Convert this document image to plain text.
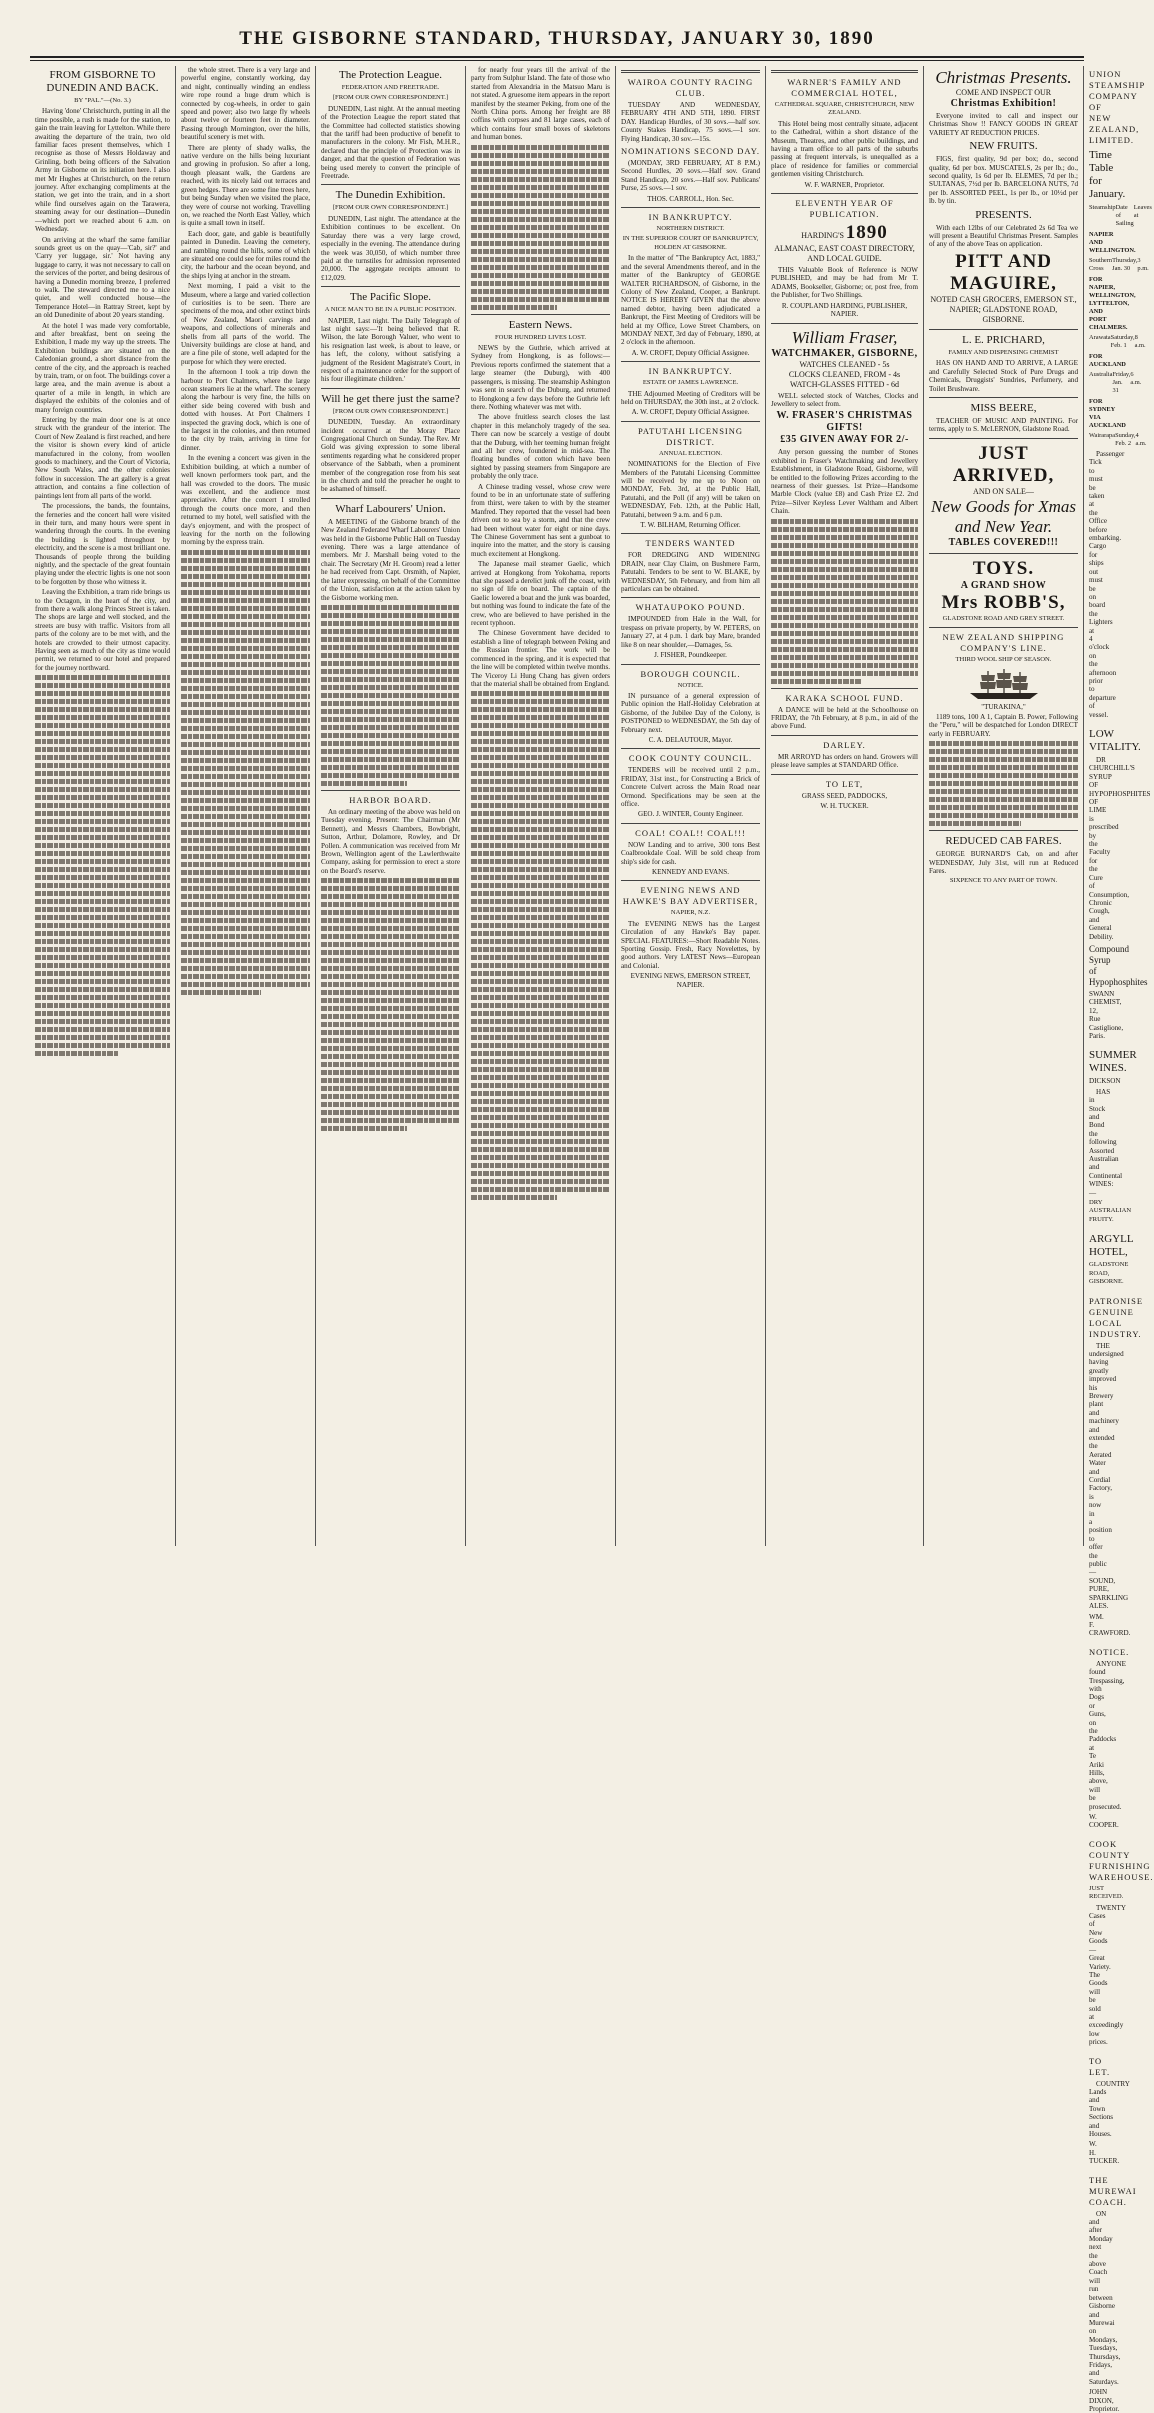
THE GISBORNE STANDARD, THURSDAY, JANUARY 30, 1890
FROM GISBORNE TO DUNEDIN AND BACK.
BY "PAL."—(No. 3.)

Having 'done' Christchurch, putting in all the time possible, a rush is made for the station, to gain the train leaving for Lyttelton. While there awaiting the departure of the train, two old familiar faces present themselves, which I recognise as those of Messrs Holdaway and Grinling, both being officers of the Salvation Army in Gisborne on its initiation here. I also met Mr Hughes at Christchurch, on the return journey. After exchanging compliments at the station, we get into the train, and in a short while find ourselves again on the Tarawera, steaming away for our destination—Dunedin—which port we reached about 6 a.m. on Wednesday.

On arriving at the wharf the same familiar sounds greet us on the quay—'Cab, sir?' and 'Carry yer luggage, sir.' Not having any luggage to carry, it was not necessary to call on the services of the porter, and being desirous of having a Dunedin morning breeze, I preferred to walk. The steward directed me to a nice quiet, and well conducted house—the Temperance Hotel—in Rattray Street, kept by an old Dunedinite of about 20 years standing.

At the hotel I was made very comfortable, and after breakfast, bent on seeing the Exhibition, I made my way up the streets. The Exhibition buildings are situated on the Caledonian ground, a short distance from the centre of the city, and the approach is reached by train, tram, or on foot. The buildings cover a large area, and the main avenue is about a quarter of a mile in length, in which are displayed the exhibits of the colonies and of many foreign countries.

Entering by the main door one is at once struck with the grandeur of the interior. The Court of New Zealand is first reached, and here the visitor is shown every kind of article manufactured in the colony, from woollen goods to machinery, and the Court of Victoria, New South Wales, and the other colonies follow in succession. The art gallery is a great attraction, and contains a fine collection of paintings lent from all parts of the world.

The processions, the bands, the fountains, the ferneries and the concert hall were visited in their turn, and many hours were spent in wandering through the courts. In the evening the building is lighted throughout by electricity, and the scene is a most brilliant one. Thousands of people throng the building nightly, and the spectacle of the great fountain playing under the electric lights is one not soon to be forgotten by those who witness it.

Leaving the Exhibition, a tram ride brings us to the Octagon, in the heart of the city, and from there a walk along Princes Street is taken. The shops are large and well stocked, and the streets are busy with traffic. Visitors from all parts of the colony are to be met with, and the hotels are crowded to their utmost capacity. Having seen as much of the city as time would permit, we returned to our hotel and prepared for the journey northward.

the whole street. There is a very large and powerful engine, constantly working, day and night, continually winding an endless wire rope round a huge drum which is connected by cog-wheels, in order to gain speed and power; also two large fly wheels about twelve or fourteen feet in diameter. Passing through Mornington, over the hills, beautiful scenery is met with.

There are plenty of shady walks, the native verdure on the hills being luxuriant and growing in profusion. So after a long, though pleasant walk, the Gardens are reached, with its nicely laid out terraces and green hedges. There are some fine trees here, but being Sunday when we visited the place, they were of course not working. Travelling on, we reached the North East Valley, which is quite a small town in itself.

Each door, gate, and gable is beautifully painted in Dunedin. Leaving the cemetery, and rambling round the hills, some of which are situated one could see for miles round the city, the harbour and the ocean beyond, and the ships lying at anchor in the stream.

Next morning, I paid a visit to the Museum, where a large and varied collection of curiosities is to be seen. There are specimens of the moa, and other extinct birds of New Zealand, Maori carvings and weapons, and collections of minerals and shells from all parts of the world. The University buildings are close at hand, and are a fine pile of stone, well adapted for the purpose for which they were erected.

In the afternoon I took a trip down the harbour to Port Chalmers, where the large ocean steamers lie at the wharf. The scenery along the harbour is very fine, the hills on either side being covered with bush and dotted with houses. At Port Chalmers I inspected the graving dock, which is one of the largest in the colonies, and then returned to the city by train, arriving in time for dinner.

In the evening a concert was given in the Exhibition building, at which a number of well known performers took part, and the hall was crowded to the doors. The music was excellent, and the audience most appreciative. After the concert I strolled through the courts once more, and then returned to my hotel, well satisfied with the day's enjoyment, and with the prospect of leaving for the north on the following morning by the express train.

The Protection League.
FEDERATION AND FREETRADE.
[FROM OUR OWN CORRESPONDENT.]

DUNEDIN, Last night. At the annual meeting of the Protection League the report stated that the Committee had collected statistics showing that the tariff had been productive of benefit to manufacturers in the colony. Mr Fish, M.H.R., declared that the principle of Protection was in danger, and that the question of Federation was being used merely to convert the principle of Freetrade.

The Dunedin Exhibition.
[FROM OUR OWN CORRESPONDENT.]

DUNEDIN, Last night. The attendance at the Exhibition continues to be excellent. On Saturday there was a very large crowd, especially in the evening. The attendance during the week was 30,050, of which number three paid at the turnstiles for admission represented 20,000. The aggregate receipts amount to £12,029.

The Pacific Slope.
A NICE MAN TO BE IN A PUBLIC POSITION.

NAPIER, Last night. The Daily Telegraph of last night says:—'It being believed that R. Wilson, the late Borough Valuer, who went to his resignation last week, is about to leave, or has left, the colony, without satisfying a judgment of the Resident Magistrate's Court, in respect of a maintenance order for the support of his four illegitimate children.'

Will he get there just the same?
[FROM OUR OWN CORRESPONDENT.]

DUNEDIN, Tuesday. An extraordinary incident occurred at the Moray Place Congregational Church on Sunday. The Rev. Mr Gold was giving expression to some liberal sentiments regarding what he considered proper observance of the Sabbath, when a prominent member of the congregation rose from his seat in the church and told the preacher he ought to be ashamed of himself.

Wharf Labourers' Union.

A MEETING of the Gisborne branch of the New Zealand Federated Wharf Labourers' Union was held in the Gisborne Public Hall on Tuesday evening. There was a large attendance of members. Mr J. Marshall being voted to the chair. The Secretary (Mr H. Groom) read a letter he had received from Capt. Orsmith, of Napier, the latter expressing, on behalf of the Committee of the Union, satisfaction at the action taken by the Gisborne working men.

HARBOR BOARD.

An ordinary meeting of the above was held on Tuesday evening. Present: The Chairman (Mr Bennett), and Messrs Chambers, Bowbright, Sutton, Arthur, Dolamore, Rowley, and Dr Pollen. A communication was received from Mr Brown, Wellington agent of the Lawlerthwaite Company, asking for permission to erect a store on the Board's reserve.

for nearly four years till the arrival of the party from Sulphur Island. The fate of those who started from Alexandria in the Matsuo Maru is not stated. A gruesome item appears in the report manifest by the steamer Peking, from one of the North China ports. Among her freight are 88 coffins with corpses and 81 large cases, each of which contains four small boxes of skeletons and human bones.

Eastern News.
FOUR HUNDRED LIVES LOST.

NEWS by the Guthrie, which arrived at Sydney from Hongkong, is as follows:—Previous reports confirmed the statement that a large steamer (the Duburg), with 400 passengers, is missing. The steamship Ashington was sent in search of the Duburg, and returned to Hongkong a few days before the Guthrie left there. Nothing whatever was met with.

The above fruitless search closes the last chapter in this melancholy tragedy of the sea. There can now be scarcely a vestige of doubt that the Duburg, with her teeming human freight and all her crew, foundered in mid-sea. The floating bundles of cotton which have been sighted by passing steamers from Singapore are probably the only trace.

A Chinese trading vessel, whose crew were found to be in an unfortunate state of suffering from thirst, were taken to with by the steamer Manfred. They reported that the vessel had been driven out to sea by a storm, and that the crew had been without water for eight or nine days. The Chinese Government has sent a gunboat to inquire into the matter, and the story is causing much excitement at Hongkong.

The Japanese mail steamer Gaelic, which arrived at Hongkong from Yokohama, reports that she passed a derelict junk off the coast, with no sign of life on board. The captain of the Gaelic lowered a boat and the junk was boarded, but nothing was found to indicate the fate of the crew, who are believed to have perished in the recent typhoon.

The Chinese Government have decided to establish a line of telegraph between Peking and the Russian frontier. The work will be commenced in the spring, and it is expected that the line will be completed within twelve months. The Viceroy Li Hung Chang has given orders that the material shall be obtained from England.

WAIROA COUNTY RACING CLUB.

TUESDAY AND WEDNESDAY, FEBRUARY 4TH AND 5TH, 1890. FIRST DAY. Handicap Hurdles, of 30 sovs.—half sov. County Stakes Handicap, 75 sovs.—1 sov. Flying Handicap, 30 sov.—15s.

NOMINATIONS SECOND DAY.

(MONDAY, 3RD FEBRUARY, AT 8 P.M.) Second Hurdles, 20 sovs.—Half sov. Grand Stand Handicap, 20 sovs.—Half sov. Publicans' Purse, 25 sovs.—1 sov.

THOS. CARROLL, Hon. Sec.
IN BANKRUPTCY.
NORTHERN DISTRICT.
IN THE SUPERIOR COURT OF BANKRUPTCY, HOLDEN AT GISBORNE.

In the matter of "The Bankruptcy Act, 1883," and the several Amendments thereof, and in the matter of the Bankruptcy of GEORGE WALTER RICHARDSON, of Gisborne, in the Colony of New Zealand, Cooper, a Bankrupt. NOTICE IS HEREBY GIVEN that the above named debtor, having been adjudicated a Bankrupt, the First Meeting of Creditors will be held at my Office, Lowe Street Chambers, on MONDAY NEXT, 3rd day of February, 1890, at 2 o'clock in the afternoon.

A. W. CROFT, Deputy Official Assignee.
IN BANKRUPTCY.
ESTATE OF JAMES LAWRENCE.

THE Adjourned Meeting of Creditors will be held on THURSDAY, the 30th inst., at 2 o'clock.

A. W. CROFT, Deputy Official Assignee.
PATUTAHI LICENSING DISTRICT.
ANNUAL ELECTION.

NOMINATIONS for the Election of Five Members of the Patutahi Licensing Committee will be received by me up to Noon on MONDAY, Feb. 3rd, at the Public Hall, Patutahi, and the Poll (if any) will be taken on WEDNESDAY, Feb. 12th, at the Public Hall, Patutahi, between 9 a.m. and 6 p.m.

T. W. BILHAM, Returning Officer.
TENDERS WANTED

FOR DREDGING AND WIDENING DRAIN, near Clay Claim, on Bushmere Farm, Patutahi. Tenders to be sent to W. BLAKE, by WEDNESDAY, 5th February, and from him all particulars can be obtained.

WHATAUPOKO POUND.

IMPOUNDED from Hale in the Wall, for trespass on private property, by W. PETERS, on January 27, at 4 p.m. 1 dark bay Mare, branded like 8 on near shoulder,—Damages, 5s.

J. FISHER, Poundkeeper.
BOROUGH COUNCIL.
NOTICE.

IN pursuance of a general expression of Public opinion the Half-Holiday Celebration at Gisborne, of the Jubilee Day of the Colony, is POSTPONED to WEDNESDAY, the 5th day of February next.

C. A. DELAUTOUR, Mayor.
COOK COUNTY COUNCIL.

TENDERS will be received until 2 p.m., FRIDAY, 31st inst., for Constructing a Brick of Concrete Culvert across the Main Road near Ormond. Specifications may be seen at the office.

GEO. J. WINTER, County Engineer.
COAL! COAL!! COAL!!!

NOW Landing and to arrive, 300 tons Best Coalbrookdale Coal. Will be sold cheap from ship's side for cash.

KENNEDY AND EVANS.
EVENING NEWS AND HAWKE'S BAY ADVERTISER,
NAPIER, N.Z.

The EVENING NEWS has the Largest Circulation of any Hawke's Bay paper. SPECIAL FEATURES:—Short Readable Notes. Sporting Gossip. Fresh, Racy Novelettes, by good authors. Very LATEST News—European and Colonial.

EVENING NEWS, EMERSON STREET, NAPIER.
WARNER'S FAMILY AND COMMERCIAL HOTEL,
CATHEDRAL SQUARE, CHRISTCHURCH, NEW ZEALAND.

This Hotel being most centrally situate, adjacent to the Cathedral, within a short distance of the Museum, Theatres, and other public buildings, and having a tram office to all parts of the suburbs passing at frequent intervals, is unequalled as a place of residence for families or commercial gentlemen visiting Christchurch.

W. F. WARNER, Proprietor.
ELEVENTH YEAR OF PUBLICATION.
HARDING'S 1890
ALMANAC, EAST COAST DIRECTORY, AND LOCAL GUIDE.

THIS Valuable Book of Reference is NOW PUBLISHED, and may be had from Mr T. ADAMS, Bookseller, Gisborne; or, post free, from the Publisher, for Two Shillings.

R. COUPLAND HARDING, PUBLISHER, NAPIER.
William Fraser,
WATCHMAKER, GISBORNE,
WATCHES CLEANED - 5s
CLOCKS CLEANED, FROM - 4s
WATCH-GLASSES FITTED - 6d

WELL selected stock of Watches, Clocks and Jewellery to select from.

W. FRASER'S CHRISTMAS GIFTS!
£35 GIVEN AWAY FOR 2/-

Any person guessing the number of Stones exhibited in Fraser's Watchmaking and Jewellery Establishment, in Gladstone Road, Gisborne, will be entitled to the following Prizes according to the nearness of their guesses. 1st Prize—Handsome Marble Clock (value £8) and Cash Prize £2. 2nd Prize—Silver Keyless Lever Waltham and Albert Chain.

KARAKA SCHOOL FUND.

A DANCE will be held at the Schoolhouse on FRIDAY, the 7th February, at 8 p.m., in aid of the above Fund.

DARLEY.

MR ARROYD has orders on hand. Growers will please leave samples at STANDARD Office.

TO LET,
GRASS SEED, PADDOCKS,
W. H. TUCKER.
Christmas Presents.
COME AND INSPECT OUR
Christmas Exhibition!

Everyone invited to call and inspect our Christmas Show !! FANCY GOODS IN GREAT VARIETY AT REDUCTION PRICES.

NEW FRUITS.

FIGS, first quality, 9d per box; do., second quality, 6d per box. MUSCATELS, 2s per lb.; do., second quality, 1s 6d per lb. ELEMES, 7d per lb.; SULTANAS, 7½d per lb. BARCELONA NUTS, 7d per lb. ASSORTED PEEL, 1s per lb., or 10½d per lb. by tin.

PRESENTS.

With each 12lbs of our Celebrated 2s 6d Tea we will present a Beautiful Christmas Present. Samples of any of the above Teas on application.

PITT AND MAGUIRE,
NOTED CASH GROCERS, EMERSON ST., NAPIER; GLADSTONE ROAD, GISBORNE.
L. E. PRICHARD,
FAMILY AND DISPENSING CHEMIST

HAS ON HAND AND TO ARRIVE, A LARGE and Carefully Selected Stock of Pure Drugs and Chemicals, Druggists' Sundries, Perfumery, and Toilet Brushware.

MISS BEERE,

TEACHER OF MUSIC AND PAINTING. For terms, apply to S. McLERNON, Gladstone Road.

JUST ARRIVED,
AND ON SALE—
New Goods for Xmas and New Year.
TABLES COVERED!!!
TOYS.
A GRAND SHOW
Mrs ROBB'S,
GLADSTONE ROAD AND GREY STREET.
NEW ZEALAND SHIPPING COMPANY'S LINE.
THIRD WOOL SHIP OF SEASON.
"TURAKINA,"

1189 tons, 100 A 1, Captain B. Power, Following the "Peru," will be despatched for London DIRECT early in FEBRUARY.

REDUCED CAB FARES.

GEORGE BURNARD'S Cab, on and after WEDNESDAY, July 31st, will run at Reduced Fares.

SIXPENCE TO ANY PART OF TOWN.
UNION STEAMSHIP COMPANY OF NEW ZEALAND, LIMITED.
Time Table for January.
Steamship Date of Sailing
Leaves at
NAPIER AND WELLINGTON.
Southern Cross
Thursday, Jan. 30
3 p.m.
FOR NAPIER, WELLINGTON, LYTTELTON, AND PORT CHALMERS.
Arawata Saturday, Feb. 1
8 a.m.
FOR AUCKLAND
Australia Friday, Jan. 31
6 a.m.
FOR SYDNEY VIA AUCKLAND
Wairarapa Sunday, Feb. 2
4 a.m.

Passenger Tick to must be taken at the Office before embarking. Cargo for ships out must be on board the Lighters at 4 o'clock on the afternoon prior to departure of vessel.

LOW VITALITY.

DR CHURCHILL'S SYRUP OF HYPOPHOSPHITES OF LIME is prescribed by the Faculty for the Cure of Consumption, Chronic Cough, and General Debility.

Compound Syrup of Hypophosphites
SWANN CHEMIST, 12, Rue Castiglione, Paris.
SUMMER WINES.
DICKSON

HAS in Stock and Bond the following Assorted Australian and Continental WINES:—

DRY AUSTRALIAN FRUITY.
ARGYLL HOTEL,
GLADSTONE ROAD, GISBORNE.
PATRONISE GENUINE LOCAL INDUSTRY.

THE undersigned having greatly improved his Brewery plant and machinery and extended the Aerated Water and Cordial Factory, is now in a position to offer the public—SOUND, PURE, SPARKLING ALES.

WM. F. CRAWFORD.
NOTICE.

ANYONE found Trespassing, with Dogs or Guns, on the Paddocks at Te Ariki Hills, above, will be prosecuted.

W. COOPER.
COOK COUNTY FURNISHING WAREHOUSE.
JUST RECEIVED.

TWENTY Cases of New Goods—Great Variety. The Goods will be sold at exceedingly low prices.

TO LET.

COUNTRY Lands and Town Sections and Houses.

W. H. TUCKER.
THE MUREWAI COACH.

ON and after Monday next the above Coach will run between Gisborne and Murewai on Mondays, Tuesdays, Thursdays, Fridays, and Saturdays.

JOHN DIXON, Proprietor.
